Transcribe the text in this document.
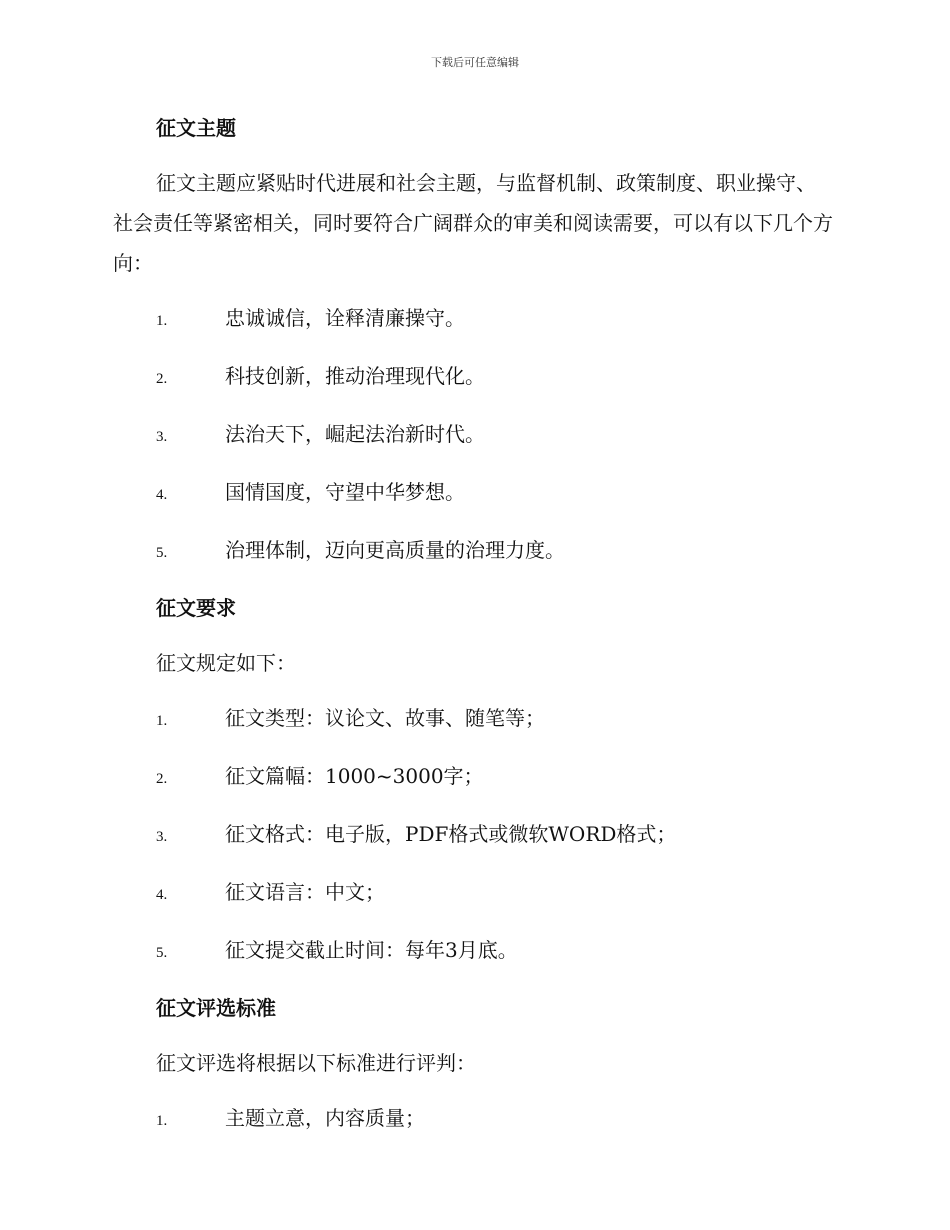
下载后可任意编辑
征文主题

征文主题应紧贴时代进展和社会主题，与监督机制、政策制度、职业操守、社会责任等紧密相关，同时要符合广阔群众的审美和阅读需要，可以有以下几个方向：

1.	忠诚诚信，诠释清廉操守。
2.	科技创新，推动治理现代化。
3.	法治天下，崛起法治新时代。
4.	国情国度，守望中华梦想。
5.	治理体制，迈向更高质量的治理力度。
征文要求

征文规定如下：

1.	征文类型：议论文、故事、随笔等；
2.	征文篇幅：1000~3000字；
3.	征文格式：电子版，PDF格式或微软WORD格式；
4.	征文语言：中文；
5.	征文提交截止时间：每年3月底。
征文评选标准

征文评选将根据以下标准进行评判：

1.	主题立意，内容质量；
